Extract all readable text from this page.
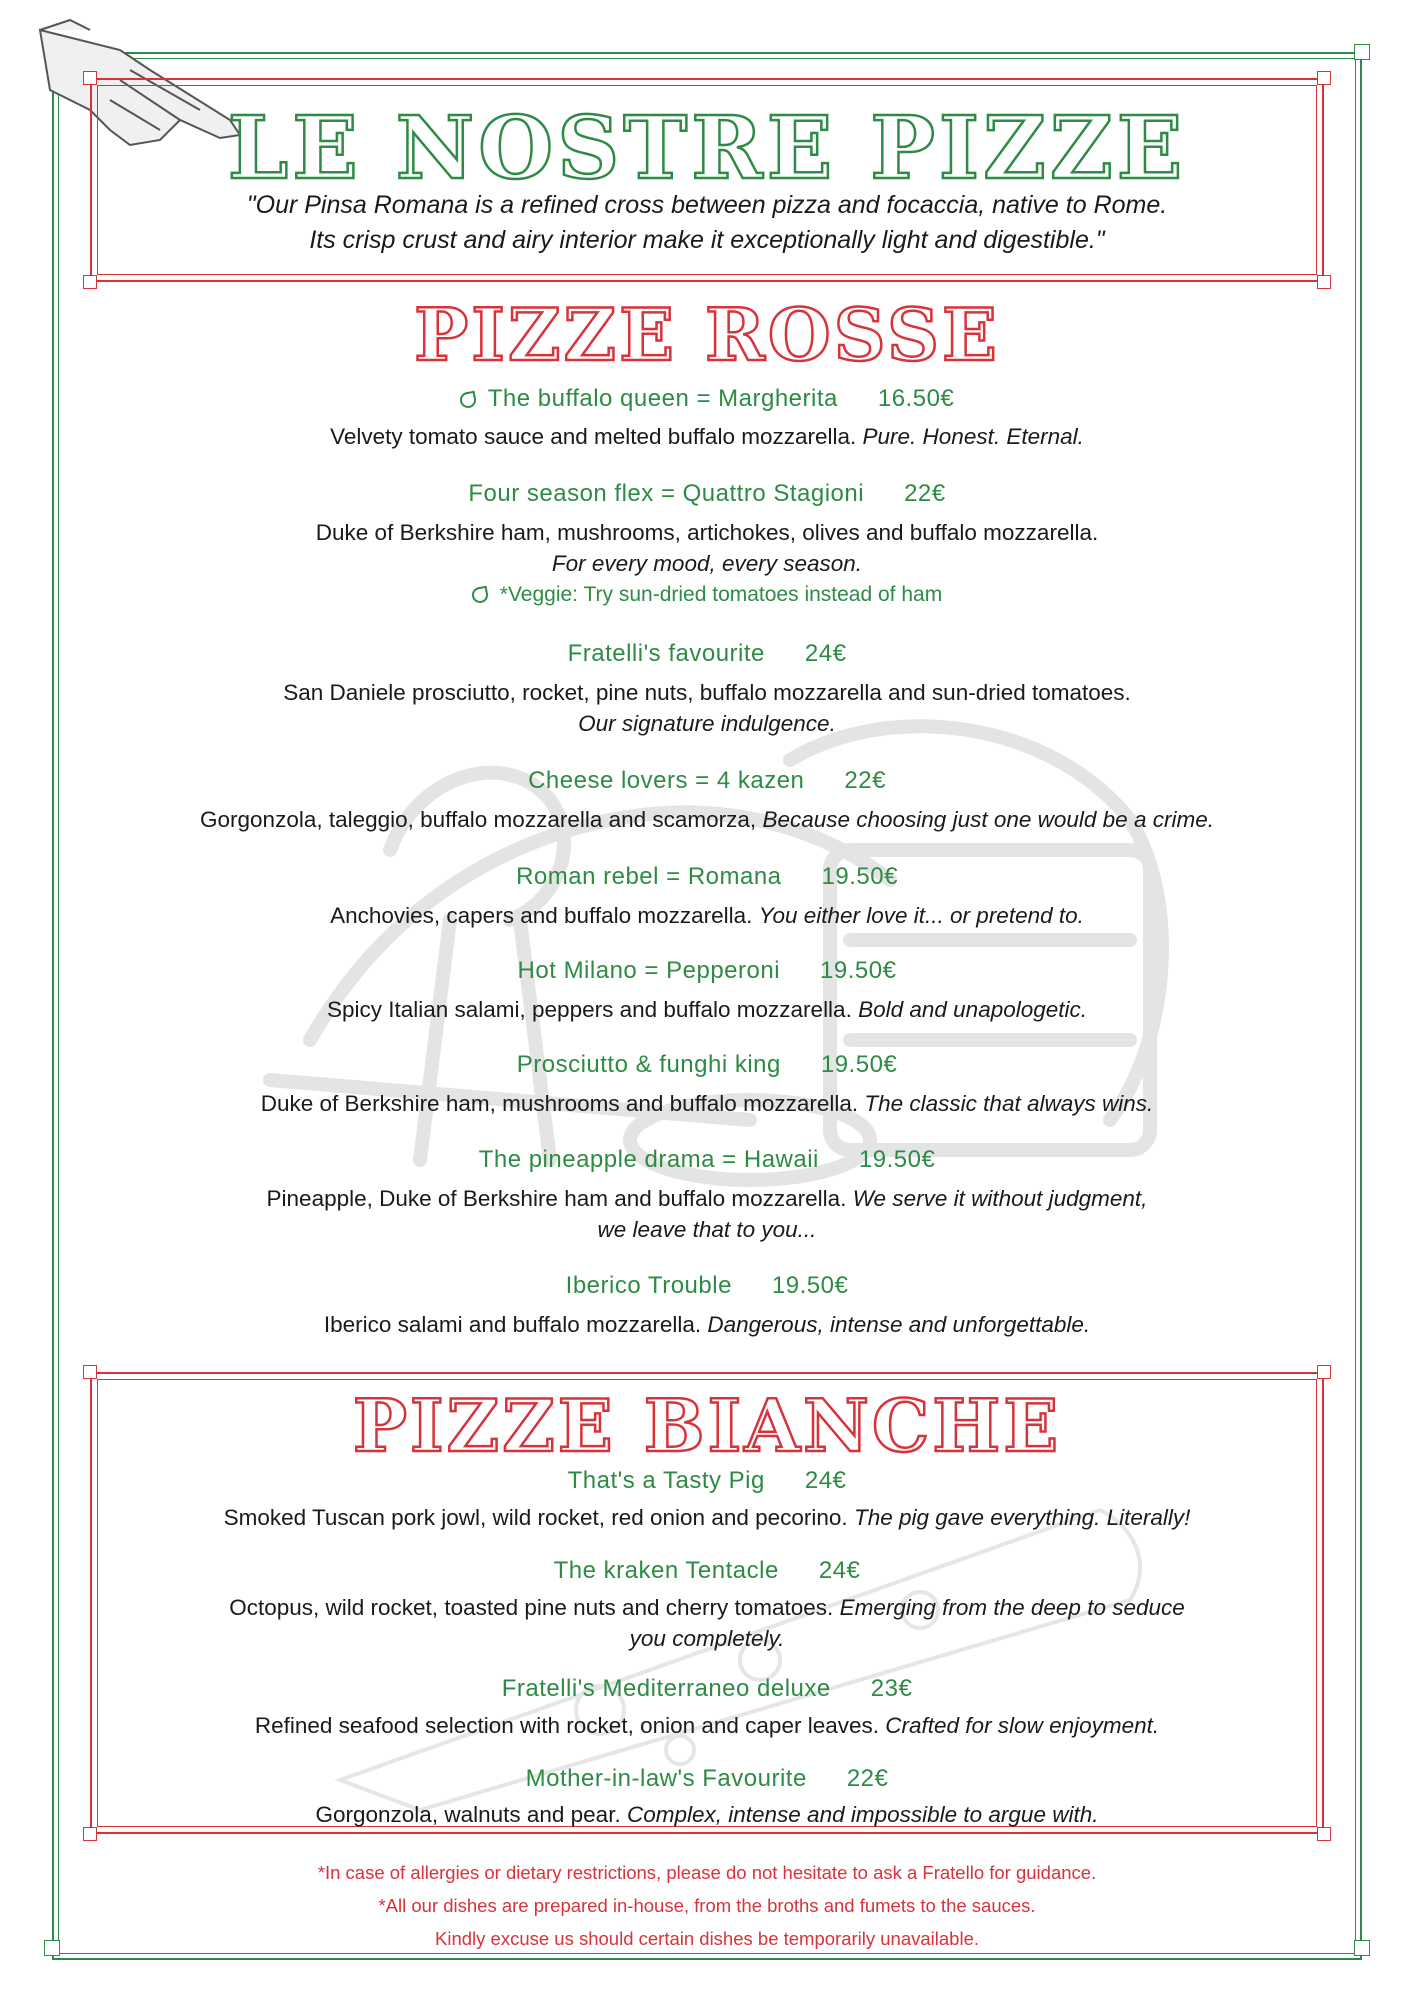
LE NOSTRE PIZZE
"Our Pinsa Romana is a refined cross between pizza and focaccia, native to Rome.
Its crisp crust and airy interior make it exceptionally light and digestible."
PIZZE ROSSE
The buffalo queen = Margherita 16.50€
Velvety tomato sauce and melted buffalo mozzarella. Pure. Honest. Eternal.
Four season flex = Quattro Stagioni 22€
Duke of Berkshire ham, mushrooms, artichokes, olives and buffalo mozzarella.
For every mood, every season.
*Veggie: Try sun-dried tomatoes instead of ham
Fratelli's favourite 24€
San Daniele prosciutto, rocket, pine nuts, buffalo mozzarella and sun-dried tomatoes.
Our signature indulgence.
Cheese lovers = 4 kazen 22€
Gorgonzola, taleggio, buffalo mozzarella and scamorza, Because choosing just one would be a crime.
Roman rebel = Romana 19.50€
Anchovies, capers and buffalo mozzarella. You either love it... or pretend to.
Hot Milano = Pepperoni 19.50€
Spicy Italian salami, peppers and buffalo mozzarella. Bold and unapologetic.
Prosciutto & funghi king 19.50€
Duke of Berkshire ham, mushrooms and buffalo mozzarella. The classic that always wins.
The pineapple drama = Hawaii 19.50€
Pineapple, Duke of Berkshire ham and buffalo mozzarella. We serve it without judgment,
we leave that to you...
Iberico Trouble 19.50€
Iberico salami and buffalo mozzarella. Dangerous, intense and unforgettable.
PIZZE BIANCHE
That's a Tasty Pig 24€
Smoked Tuscan pork jowl, wild rocket, red onion and pecorino. The pig gave everything. Literally!
The kraken Tentacle 24€
Octopus, wild rocket, toasted pine nuts and cherry tomatoes. Emerging from the deep to seduce
you completely.
Fratelli's Mediterraneo deluxe 23€
Refined seafood selection with rocket, onion and caper leaves. Crafted for slow enjoyment.
Mother-in-law's Favourite 22€
Gorgonzola, walnuts and pear. Complex, intense and impossible to argue with.
*In case of allergies or dietary restrictions, please do not hesitate to ask a Fratello for guidance.
*All our dishes are prepared in-house, from the broths and fumets to the sauces.
Kindly excuse us should certain dishes be temporarily unavailable.
